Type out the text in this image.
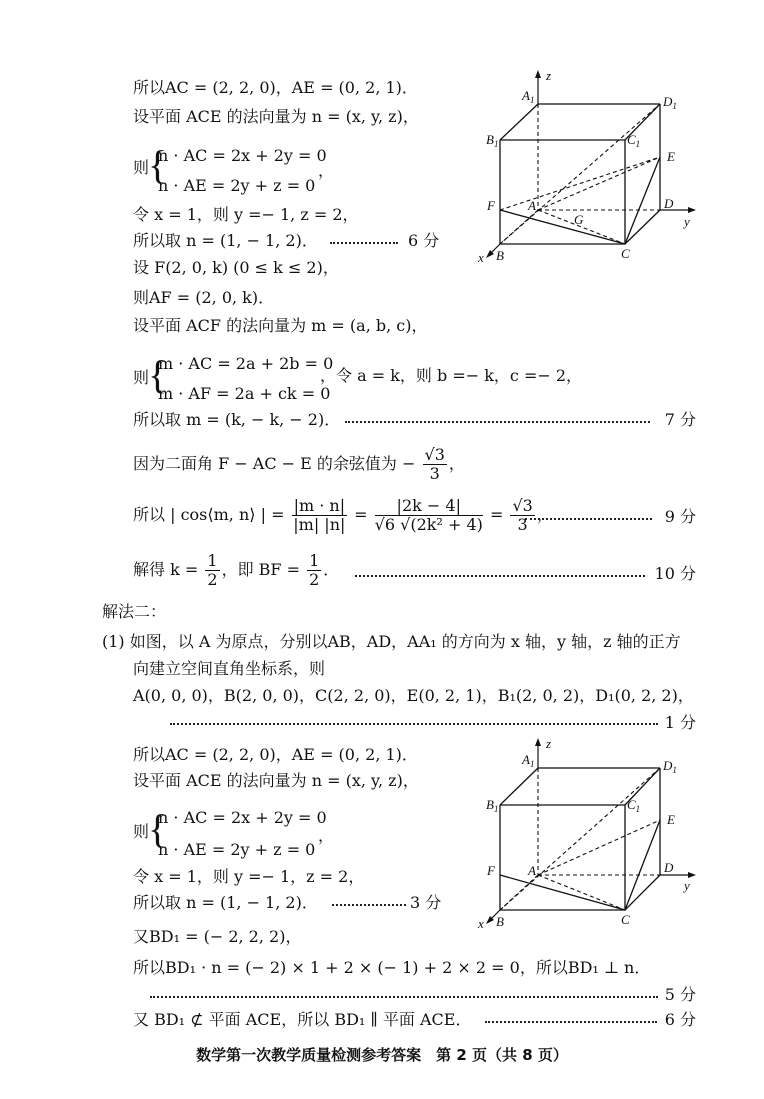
所以AC = (2, 2, 0)，AE = (0, 2, 1)．
设平面 ACE 的法向量为 n = (x, y, z)，
则
{
n · AC = 2x + 2y = 0
n · AE = 2y + z = 0
，
令 x = 1，则 y =− 1, z = 2，
所以取 n = (1, − 1, 2)．	6 分
设 F(2, 0, k) (0 ≤ k ≤ 2)，
则AF = (2, 0, k)．
设平面 ACF 的法向量为 m = (a, b, c)，
则
{
m · AC = 2a + 2b = 0
m · AF = 2a + ck = 0
，令 a = k，则 b =− k，c =− 2，
所以取 m = (k, − k, − 2)．	7 分
因为二面角 F − AC − E 的余弦值为 − $\frac{√3}{3}$ ，
所以 | cos⟨m, n⟩ | = $\frac{|m \cdot n|}{|m| |n|} = \frac{|2k - 4|}{\text{√6 √(2k² + 4)}} = \frac{√3}{3}$ ，	9 分
解得 $k = \frac{1}{2}$ ，即 BF = $\frac{1}{2}$ ．	10 分
解法二：
(1) 如图，以 A 为原点，分别以AB，AD，AA₁ 的方向为 x 轴，y 轴，z 轴的正方
向建立空间直角坐标系，则
A(0, 0, 0)，B(2, 0, 0)，C(2, 2, 0)，E(0, 2, 1)，B₁(2, 0, 2)，D₁(0, 2, 2)，
1 分
所以AC = (2, 2, 0)，AE = (0, 2, 1)．
设平面 ACE 的法向量为 n = (x, y, z)，
则
{
n · AC = 2x + 2y = 0
n · AE = 2y + z = 0
，
令 x = 1，则 y =− 1，z = 2，
所以取 n = (1, − 1, 2)．	3 分
又BD₁ = (− 2, 2, 2)，
所以BD₁ · n = (− 2) × 1 + 2 × (− 1) + 2 × 2 = 0，所以BD₁ ⊥ n．
5 分
又 BD₁ ⊄ 平面 ACE，所以 BD₁ ∥ 平面 ACE．	6 分
z
$A_1$	$D_1$
$B_1$	$C_1$
E
F	A
G
D
y
x B	C
z
$A_1$	$D_1$
$B_1$	$C_1$
E
F	A	D
y
x B	C
数学第一次教学质量检测参考答案　第 2 页（共 8 页）
